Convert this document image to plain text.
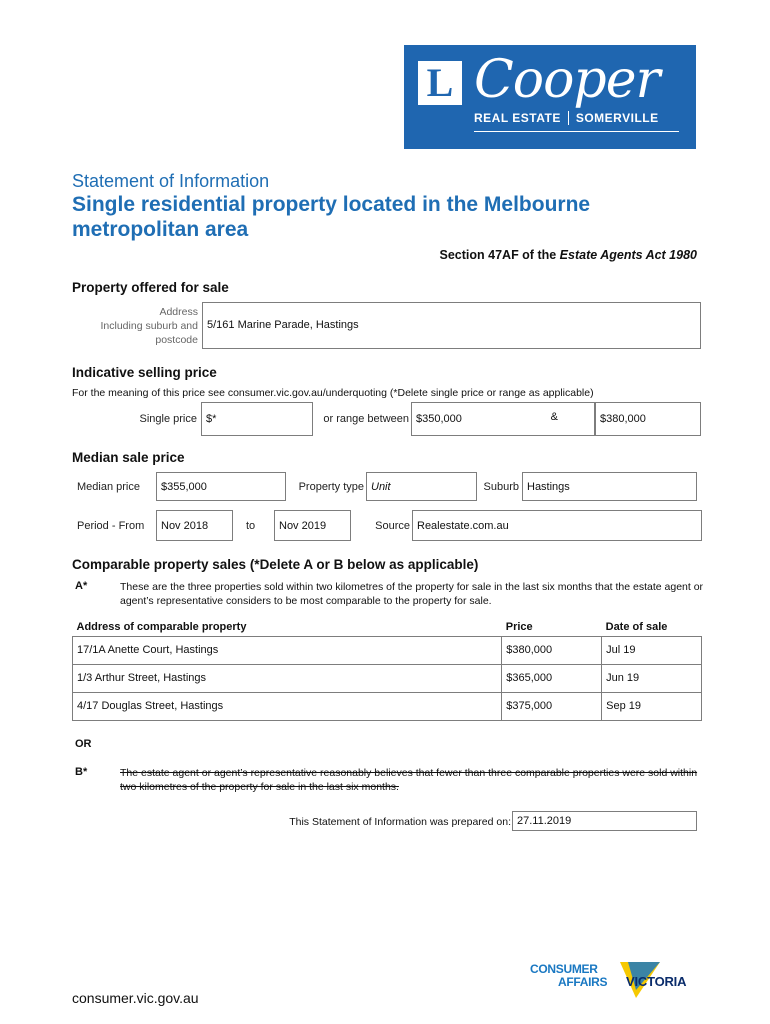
L Cooper
REAL ESTATE SOMERVILLE
Statement of Information
Single residential property located in the Melbourne metropolitan area
Section 47AF of the Estate Agents Act 1980
Property offered for sale
Address
Including suburb and
postcode
5/161 Marine Parade, Hastings
Indicative selling price
For the meaning of this price see consumer.vic.gov.au/underquoting (*Delete single price or range as applicable)
Single price $*	or range between $350,000	&	$380,000
Median sale price
Median price	$355,000	Property type Unit	Suburb Hastings
Period - From	Nov 2018	to	Nov 2019	Source Realestate.com.au
Comparable property sales (*Delete A or B below as applicable)
A*	These are the three properties sold within two kilometres of the property for sale in the last six months that the estate agent or agent’s representative considers to be most comparable to the property for sale.
Address of comparable property	Price	Date of sale
17/1A Anette Court, Hastings	$380,000	Jul 19
1/3 Arthur Street, Hastings	$365,000	Jun 19
4/17 Douglas Street, Hastings	$375,000	Sep 19
OR
B*	The estate agent or agent’s representative reasonably believes that fewer than three comparable properties were sold within two kilometres of the property for sale in the last six months.
This Statement of Information was prepared on: 27.11.2019
CONSUMER
AFFAIRS VICTORIA
consumer.vic.gov.au
